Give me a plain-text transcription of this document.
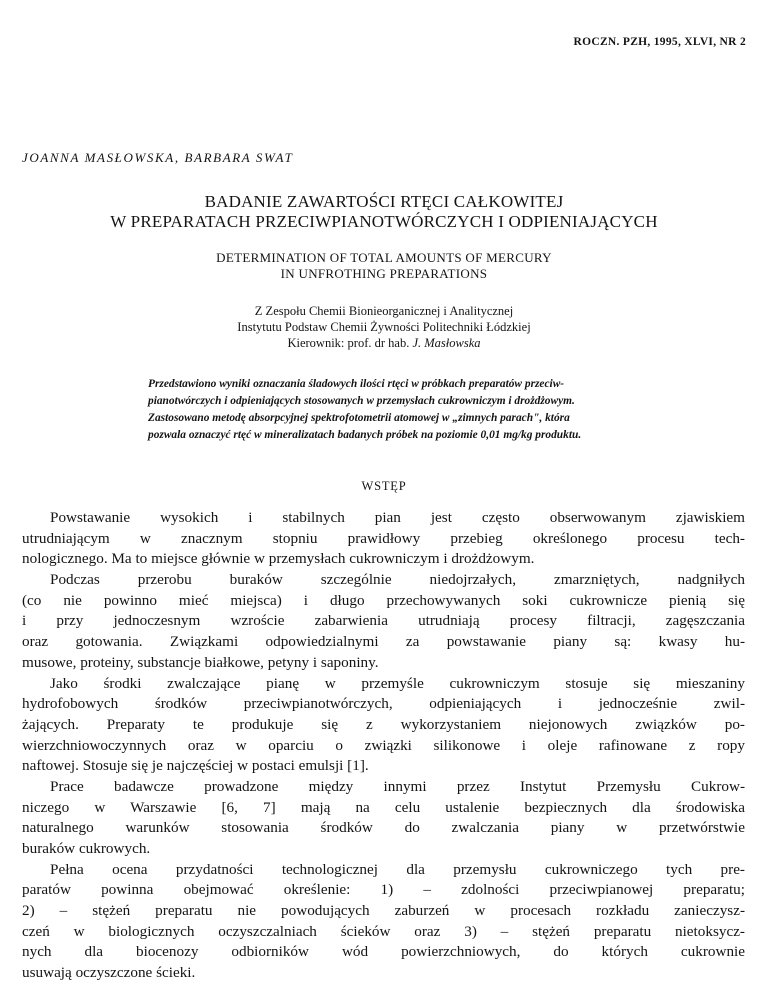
ROCZN. PZH, 1995, XLVI, NR 2
JOANNA MASŁOWSKA, BARBARA SWAT
BADANIE ZAWARTOŚCI RTĘCI CAŁKOWITEJ
W PREPARATACH PRZECIWPIANOTWÓRCZYCH I ODPIENIAJĄCYCH
DETERMINATION OF TOTAL AMOUNTS OF MERCURY
IN UNFROTHING PREPARATIONS
Z Zespołu Chemii Bionieorganicznej i Analitycznej
Instytutu Podstaw Chemii Żywności Politechniki Łódzkiej
Kierownik: prof. dr hab. J. Masłowska
Przedstawiono wyniki oznaczania śladowych ilości rtęci w próbkach preparatów przeciw-
pianotwórczych i odpieniających stosowanych w przemysłach cukrowniczym i drożdżowym.
Zastosowano metodę absorpcyjnej spektrofotometrii atomowej w „zimnych parach", która
pozwala oznaczyć rtęć w mineralizatach badanych próbek na poziomie 0,01 mg/kg produktu.
WSTĘP
Powstawanie wysokich i stabilnych pian jest często obserwowanym zjawiskiem
utrudniającym w znacznym stopniu prawidłowy przebieg określonego procesu tech-
nologicznego. Ma to miejsce głównie w przemysłach cukrowniczym i drożdżowym.
Podczas przerobu buraków szczególnie niedojrzałych, zmarzniętych, nadgniłych
(co nie powinno mieć miejsca) i długo przechowywanych soki cukrownicze pienią się
i przy jednoczesnym wzroście zabarwienia utrudniają procesy filtracji, zagęszczania
oraz gotowania. Związkami odpowiedzialnymi za powstawanie piany są: kwasy hu-
musowe, proteiny, substancje białkowe, petyny i saponiny.
Jako środki zwalczające pianę w przemyśle cukrowniczym stosuje się mieszaniny
hydrofobowych środków przeciwpianotwórczych, odpieniających i jednocześnie zwil-
żających. Preparaty te produkuje się z wykorzystaniem niejonowych związków po-
wierzchniowoczynnych oraz w oparciu o związki silikonowe i oleje rafinowane z ropy
naftowej. Stosuje się je najczęściej w postaci emulsji [1].
Prace badawcze prowadzone między innymi przez Instytut Przemysłu Cukrow-
niczego w Warszawie [6, 7] mają na celu ustalenie bezpiecznych dla środowiska
naturalnego warunków stosowania środków do zwalczania piany w przetwórstwie
buraków cukrowych.
Pełna ocena przydatności technologicznej dla przemysłu cukrowniczego tych pre-
paratów powinna obejmować określenie: 1) – zdolności przeciwpianowej preparatu;
2) – stężeń preparatu nie powodujących zaburzeń w procesach rozkładu zanieczysz-
czeń w biologicznych oczyszczalniach ścieków oraz 3) – stężeń preparatu nietoksycz-
nych dla biocenozy odbiorników wód powierzchniowych, do których cukrownie
usuwają oczyszczone ścieki.
